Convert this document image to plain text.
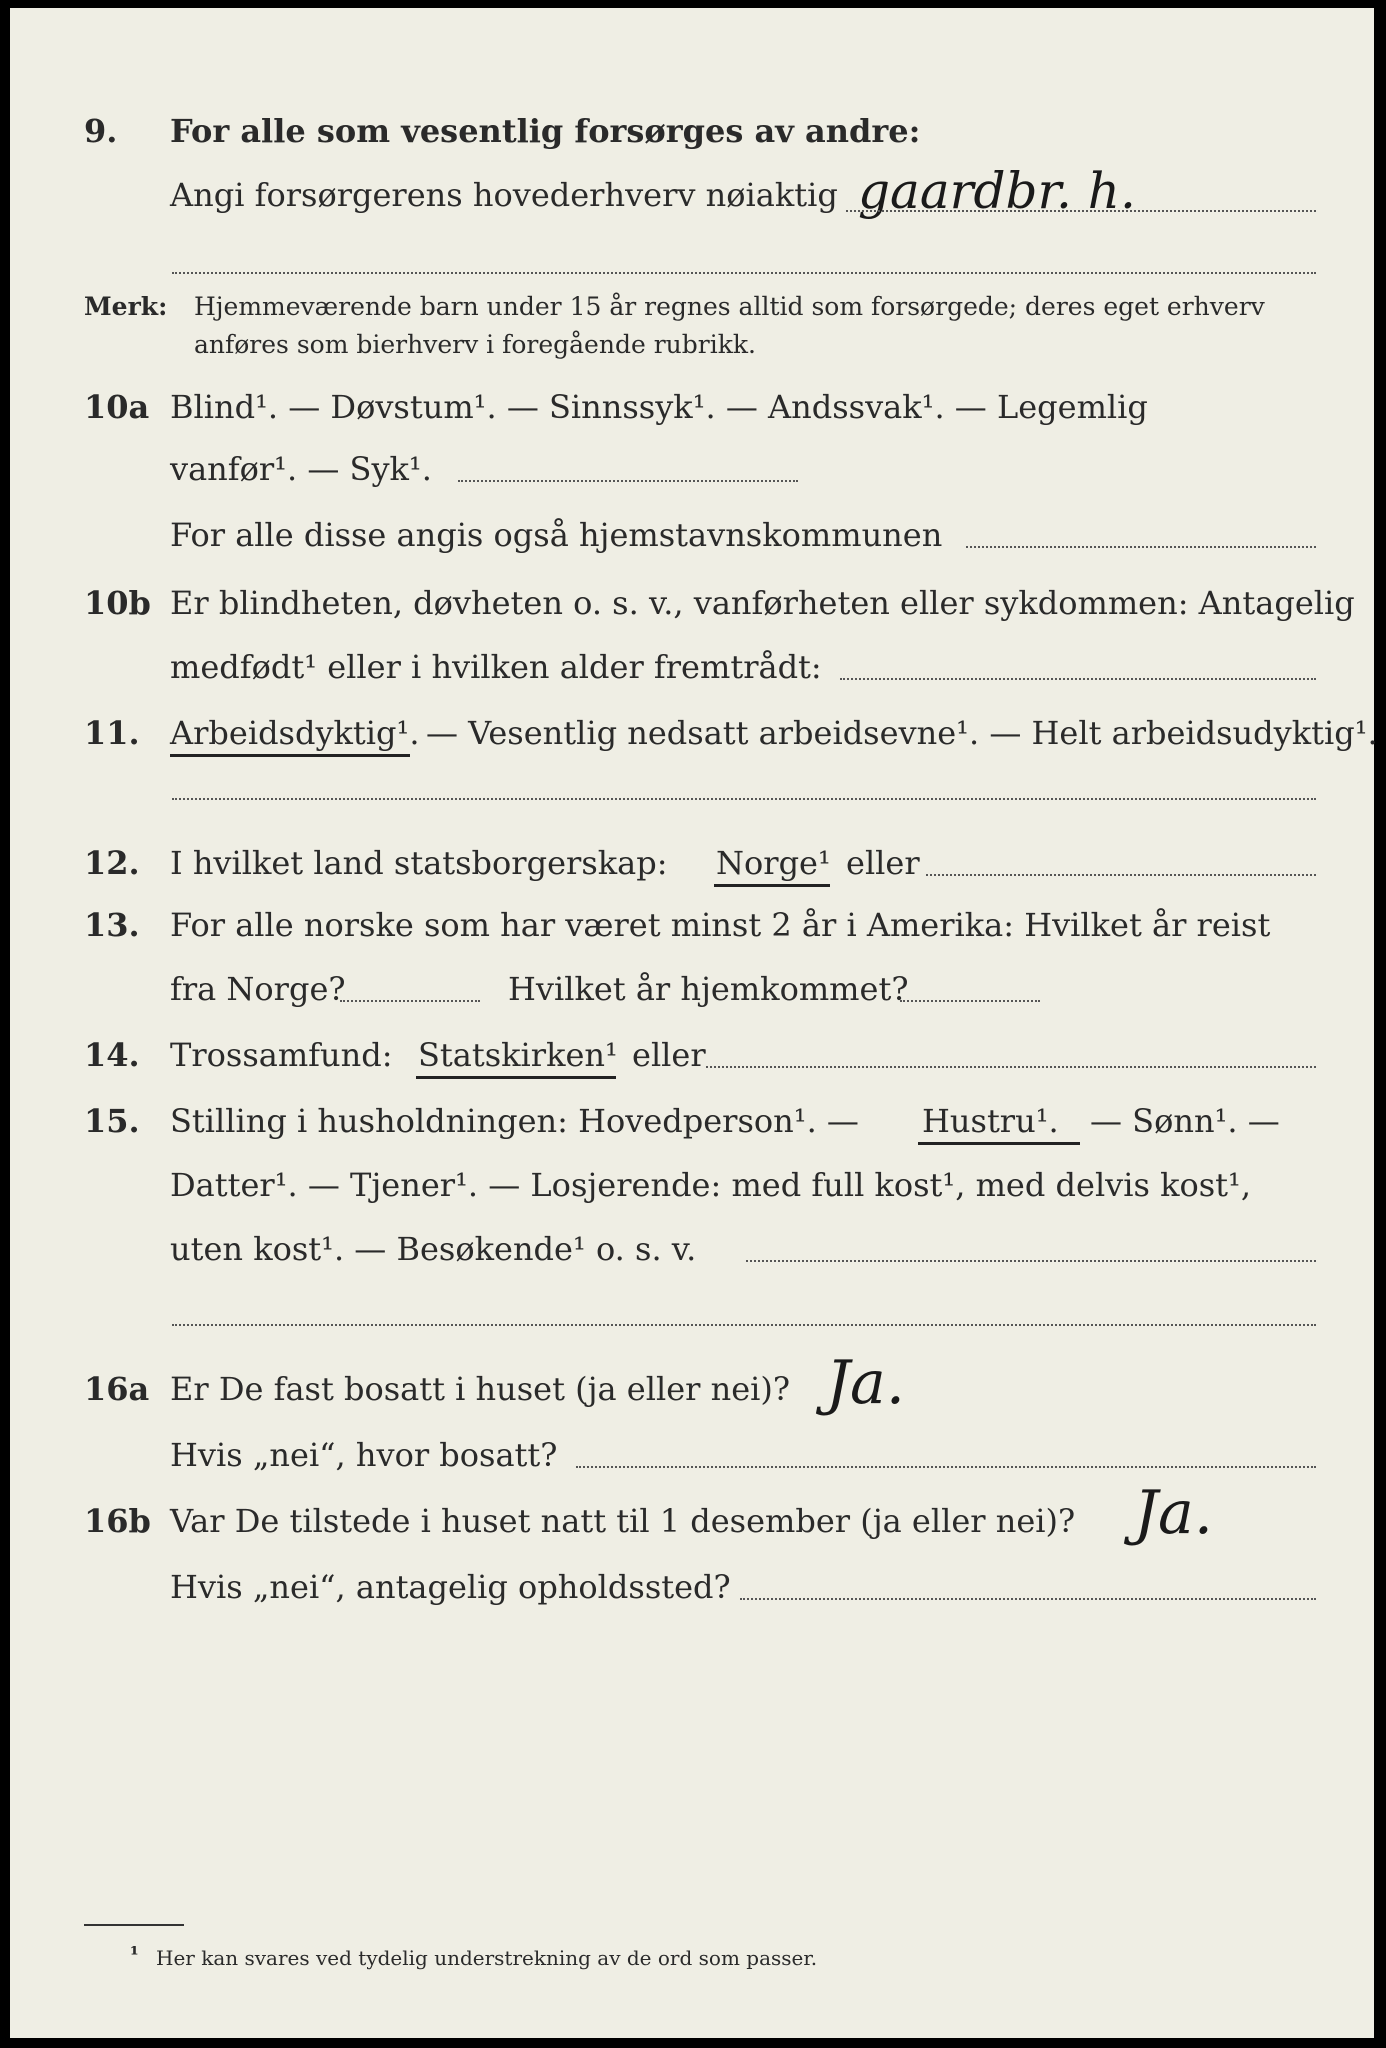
9. For alle som vesentlig forsørges av andre:
Angi forsørgerens hovederhverv nøiaktig gaardbr. h.
Merk: Hjemmeværende barn under 15 år regnes alltid som forsørgede; deres eget erhverv
anføres som bierhverv i foregående rubrikk.
10a Blind¹. — Døvstum¹. — Sinnssyk¹. — Andssvak¹. — Legemlig
vanfør¹. — Syk¹.
For alle disse angis også hjemstavnskommunen
10b Er blindheten, døvheten o. s. v., vanførheten eller sykdommen: Antagelig
medfødt¹ eller i hvilken alder fremtrådt:
11. Arbeidsdyktig¹. — Vesentlig nedsatt arbeidsevne¹. — Helt arbeidsudyktig¹.
12. I hvilket land statsborgerskap: Norge¹ eller
13. For alle norske som har været minst 2 år i Amerika: Hvilket år reist
fra Norge?	Hvilket år hjemkommet?
14. Trossamfund: Statskirken¹ eller
15. Stilling i husholdningen: Hovedperson¹. — Hustru¹. — Sønn¹. —
Datter¹. — Tjener¹. — Losjerende: med full kost¹, med delvis kost¹,
uten kost¹. — Besøkende¹ o. s. v.
16a Er De fast bosatt i huset (ja eller nei)? Ja.
Hvis „nei“, hvor bosatt?
16b Var De tilstede i huset natt til 1 desember (ja eller nei)? Ja.
Hvis „nei“, antagelig opholdssted?
¹ Her kan svares ved tydelig understrekning av de ord som passer.
